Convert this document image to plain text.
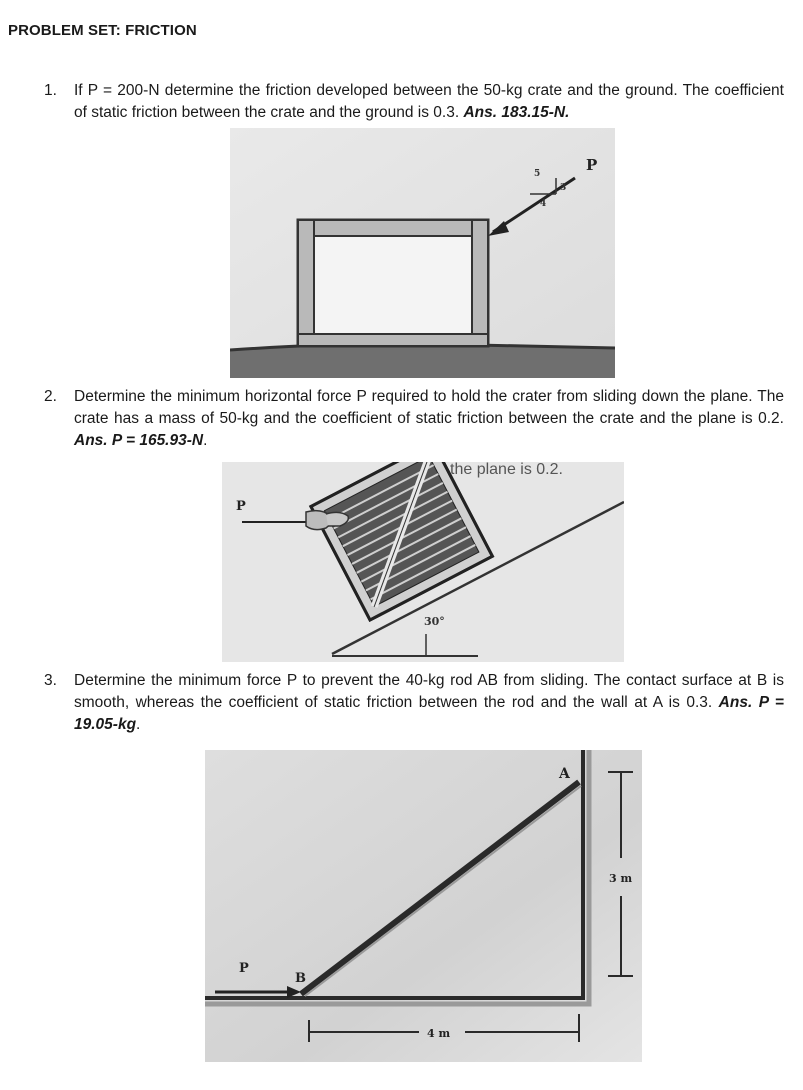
PROBLEM SET: FRICTION
1. If P = 200-N determine the friction developed between the 50-kg crate and the ground. The coefficient of static friction between the crate and the ground is 0.3. Ans. 183.15-N.
P
5
3
4
2. Determine the minimum horizontal force P required to hold the crater from sliding down the plane. The crate has a mass of 50-kg and the coefficient of static friction between the crate and the plane is 0.2. Ans. P = 165.93-N.
the plane is 0.2.
30°
P
3. Determine the minimum force P to prevent the 40-kg rod AB from sliding. The contact surface at B is smooth, whereas the coefficient of static friction between the rod and the wall at A is 0.3. Ans. P = 19.05-kg.
A
B
P
3 m
4 m
